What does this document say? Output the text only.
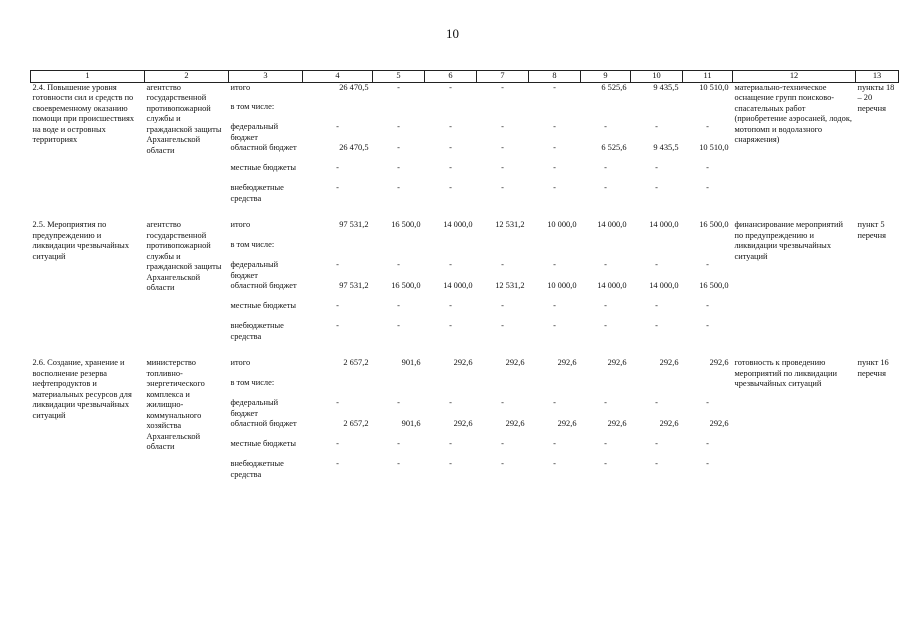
10
1	2	3	4	5	6	7	8	9	10	11	12	13
2.4. Повышение уровня готовности сил и средств по своевременному оказанию помощи при происшествиях на воде и островных территориях	агентство государственной противопожарной службы и гражданской защиты Архангельской области	итого	26 470,5	-	-	-	-	6 525,6	9 435,5	10 510,0	материально-техническое оснащение групп поисково-спасательных работ (приобретение аэросаней, лодок, мотопомп и водолазного снаряжения)	пункты 18 – 20 перечня
		в том числе:										
		федеральный бюджет	-	-	-	-	-	-	-	-		
		областной бюджет	26 470,5	-	-	-	-	6 525,6	9 435,5	10 510,0		
		местные бюджеты	-	-	-	-	-	-	-	-		
		внебюджетные средства	-	-	-	-	-	-	-	-		

2.5. Мероприятия по предупреждению и ликвидации чрезвычайных ситуаций	агентство государственной противопожарной службы и гражданской защиты Архангельской области	итого	97 531,2	16 500,0	14 000,0	12 531,2	10 000,0	14 000,0	14 000,0	16 500,0	финансирование мероприятий по предупреждению и ликвидации чрезвычайных ситуаций	пункт 5 перечня
		в том числе:										
		федеральный бюджет	-	-	-	-	-	-	-	-		
		областной бюджет	97 531,2	16 500,0	14 000,0	12 531,2	10 000,0	14 000,0	14 000,0	16 500,0		
		местные бюджеты	-	-	-	-	-	-	-	-		
		внебюджетные средства	-	-	-	-	-	-	-	-		

2.6. Создание, хранение и восполнение резерва нефтепродуктов и материальных ресурсов для ликвидации чрезвычайных ситуаций	министерство топливно-энергетического комплекса и жилищно-коммунального хозяйства Архангельской области	итого	2 657,2	901,6	292,6	292,6	292,6	292,6	292,6	292,6	готовность к проведению мероприятий по ликвидации чрезвычайных ситуаций	пункт 16 перечня
		в том числе:										
		федеральный бюджет	-	-	-	-	-	-	-	-		
		областной бюджет	2 657,2	901,6	292,6	292,6	292,6	292,6	292,6	292,6		
		местные бюджеты	-	-	-	-	-	-	-	-		
		внебюджетные средства	-	-	-	-	-	-	-	-		
